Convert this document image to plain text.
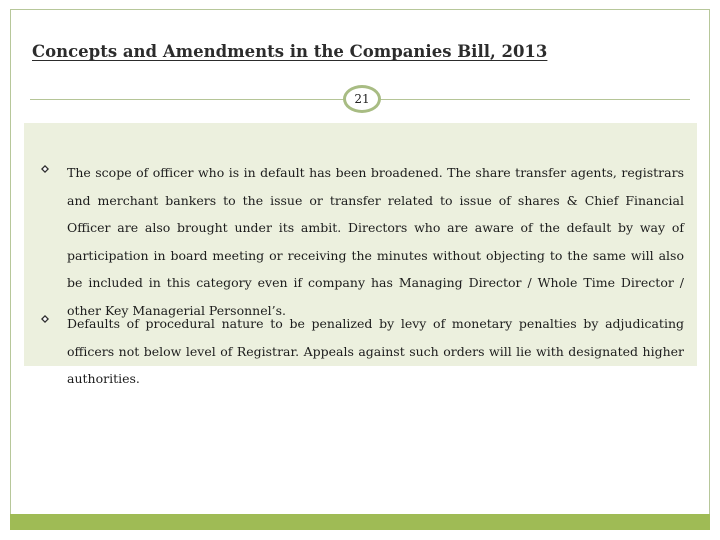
Concepts and Amendments in the Companies Bill, 2013
21

The scope of officer who is in default has been broadened. The share transfer agents, registrars and merchant bankers to the issue or transfer related to issue of shares & Chief Financial Officer are also brought under its ambit. Directors who are aware of the default by way of participation in board meeting or receiving the minutes without objecting to the same will also be included in this category even if company has Managing Director / Whole Time Director / other Key Managerial Personnel’s.

Defaults of procedural nature to be penalized by levy of monetary penalties by adjudicating officers not below level of Registrar. Appeals against such orders will lie with designated higher authorities.
